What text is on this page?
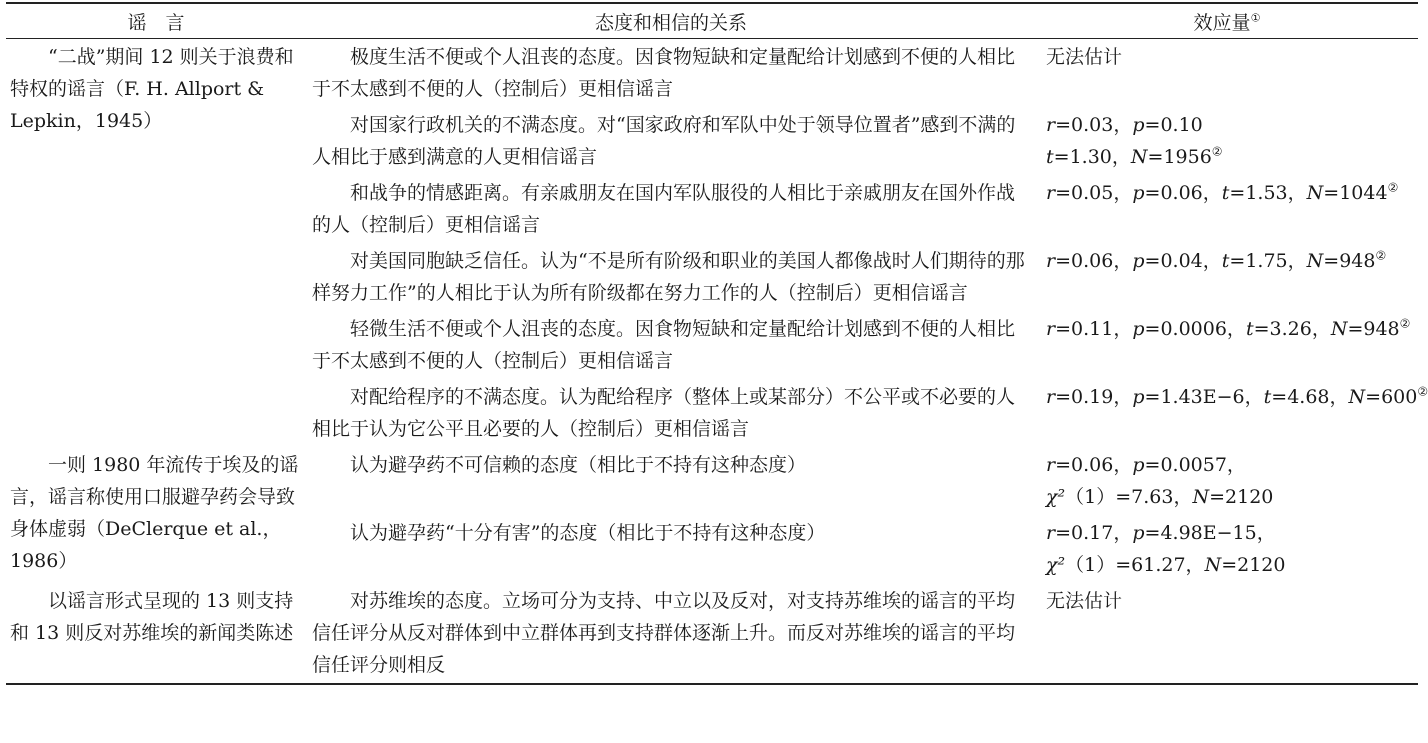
谣　言	态度和相信的关系	效应量①
“二战”期间 12 则关于浪费和特权的谣言（F. H. Allport & Lepkin，1945）	极度生活不便或个人沮丧的态度。因食物短缺和定量配给计划感到不便的人相比于不太感到不便的人（控制后）更相信谣言	无法估计
	对国家行政机关的不满态度。对“国家政府和军队中处于领导位置者”感到不满的人相比于感到满意的人更相信谣言	r=0.03，p=0.10
t=1.30，N=1956②

	和战争的情感距离。有亲戚朋友在国内军队服役的人相比于亲戚朋友在国外作战的人（控制后）更相信谣言	r=0.05，p=0.06，t=1.53，N=1044②

	对美国同胞缺乏信任。认为“不是所有阶级和职业的美国人都像战时人们期待的那样努力工作”的人相比于认为所有阶级都在努力工作的人（控制后）更相信谣言	r=0.06，p=0.04，t=1.75，N=948②

	轻微生活不便或个人沮丧的态度。因食物短缺和定量配给计划感到不便的人相比于不太感到不便的人（控制后）更相信谣言	r=0.11，p=0.0006，t=3.26，N=948②

	对配给程序的不满态度。认为配给程序（整体上或某部分）不公平或不必要的人相比于认为它公平且必要的人（控制后）更相信谣言	r=0.19，p=1.43E−6，t=4.68，N=600②

一则 1980 年流传于埃及的谣言，谣言称使用口服避孕药会导致身体虚弱（DeClerque et al.，1986）	认为避孕药不可信赖的态度（相比于不持有这种态度）	r=0.06，p=0.0057，
χ²（1）=7.63，N=2120

	认为避孕药“十分有害”的态度（相比于不持有这种态度）	r=0.17，p=4.98E−15，
χ²（1）=61.27，N=2120

以谣言形式呈现的 13 则支持和 13 则反对苏维埃的新闻类陈述	对苏维埃的态度。立场可分为支持、中立以及反对，对支持苏维埃的谣言的平均信任评分从反对群体到中立群体再到支持群体逐渐上升。而反对苏维埃的谣言的平均信任评分则相反	无法估计
